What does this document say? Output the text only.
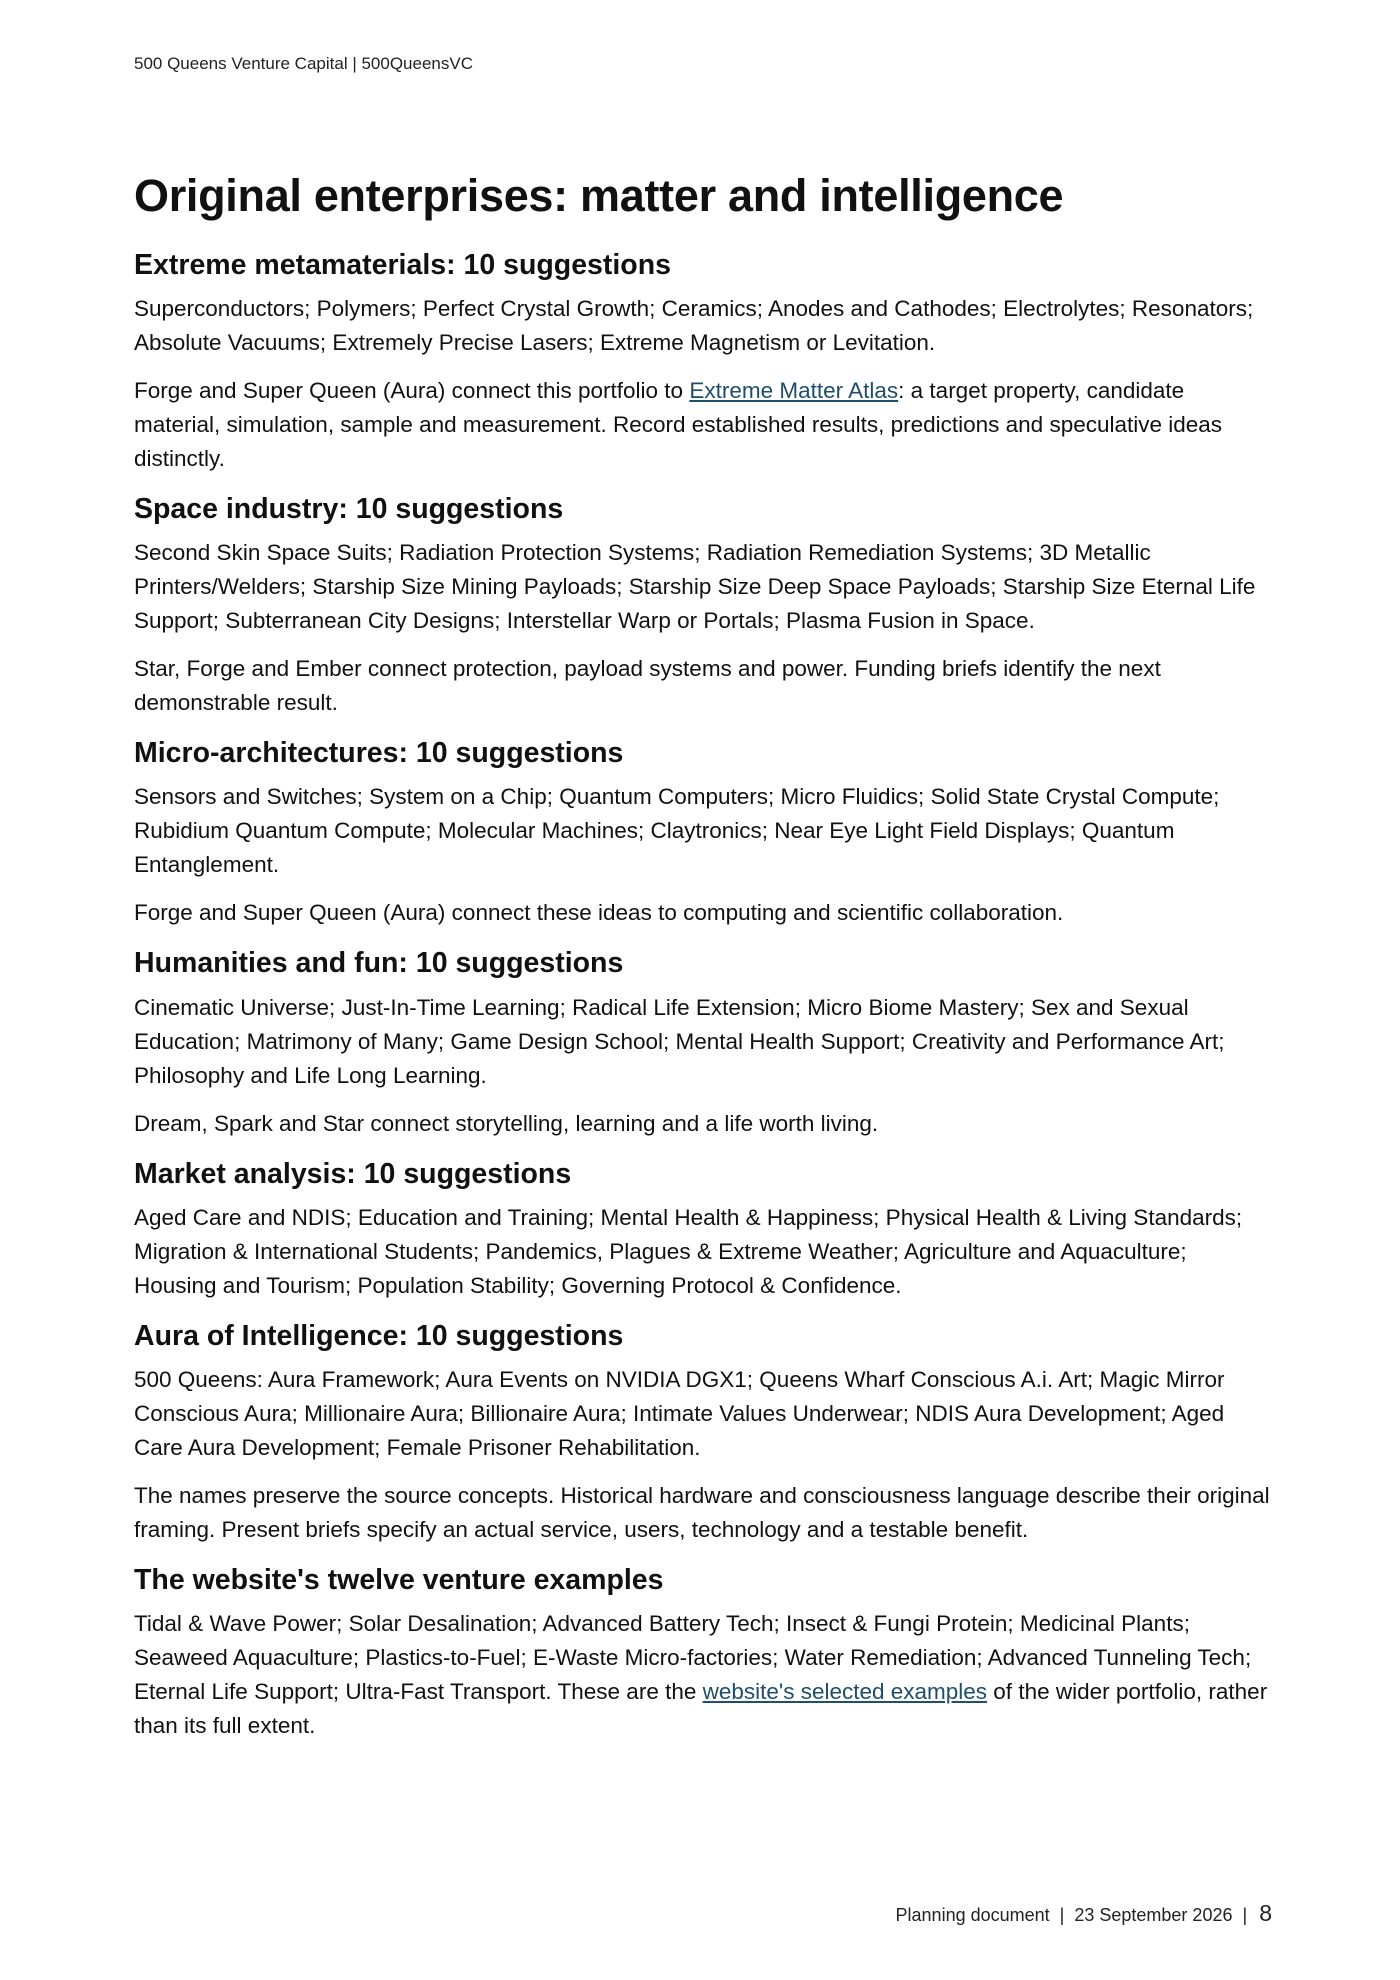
500 Queens Venture Capital | 500QueensVC
Original enterprises: matter and intelligence
Extreme metamaterials: 10 suggestions

Superconductors; Polymers; Perfect Crystal Growth; Ceramics; Anodes and Cathodes; Electrolytes; Resonators; Absolute Vacuums; Extremely Precise Lasers; Extreme Magnetism or Levitation.

Forge and Super Queen (Aura) connect this portfolio to Extreme Matter Atlas: a target property, candidate material, simulation, sample and measurement. Record established results, predictions and speculative ideas distinctly.

Space industry: 10 suggestions

Second Skin Space Suits; Radiation Protection Systems; Radiation Remediation Systems; 3D Metallic Printers/Welders; Starship Size Mining Payloads; Starship Size Deep Space Payloads; Starship Size Eternal Life Support; Subterranean City Designs; Interstellar Warp or Portals; Plasma Fusion in Space.

Star, Forge and Ember connect protection, payload systems and power. Funding briefs identify the next demonstrable result.

Micro-architectures: 10 suggestions

Sensors and Switches; System on a Chip; Quantum Computers; Micro Fluidics; Solid State Crystal Compute; Rubidium Quantum Compute; Molecular Machines; Claytronics; Near Eye Light Field Displays; Quantum Entanglement.

Forge and Super Queen (Aura) connect these ideas to computing and scientific collaboration.

Humanities and fun: 10 suggestions

Cinematic Universe; Just-In-Time Learning; Radical Life Extension; Micro Biome Mastery; Sex and Sexual Education; Matrimony of Many; Game Design School; Mental Health Support; Creativity and Performance Art; Philosophy and Life Long Learning.

Dream, Spark and Star connect storytelling, learning and a life worth living.

Market analysis: 10 suggestions

Aged Care and NDIS; Education and Training; Mental Health & Happiness; Physical Health & Living Standards; Migration & International Students; Pandemics, Plagues & Extreme Weather; Agriculture and Aquaculture; Housing and Tourism; Population Stability; Governing Protocol & Confidence.

Aura of Intelligence: 10 suggestions

500 Queens: Aura Framework; Aura Events on NVIDIA DGX1; Queens Wharf Conscious A.i. Art; Magic Mirror Conscious Aura; Millionaire Aura; Billionaire Aura; Intimate Values Underwear; NDIS Aura Development; Aged Care Aura Development; Female Prisoner Rehabilitation.

The names preserve the source concepts. Historical hardware and consciousness language describe their original framing. Present briefs specify an actual service, users, technology and a testable benefit.

The website's twelve venture examples

Tidal & Wave Power; Solar Desalination; Advanced Battery Tech; Insect & Fungi Protein; Medicinal Plants; Seaweed Aquaculture; Plastics-to-Fuel; E-Waste Micro-factories; Water Remediation; Advanced Tunneling Tech; Eternal Life Support; Ultra-Fast Transport. These are the website's selected examples of the wider portfolio, rather than its full extent.

Planning document | 23 September 2026 | 8
